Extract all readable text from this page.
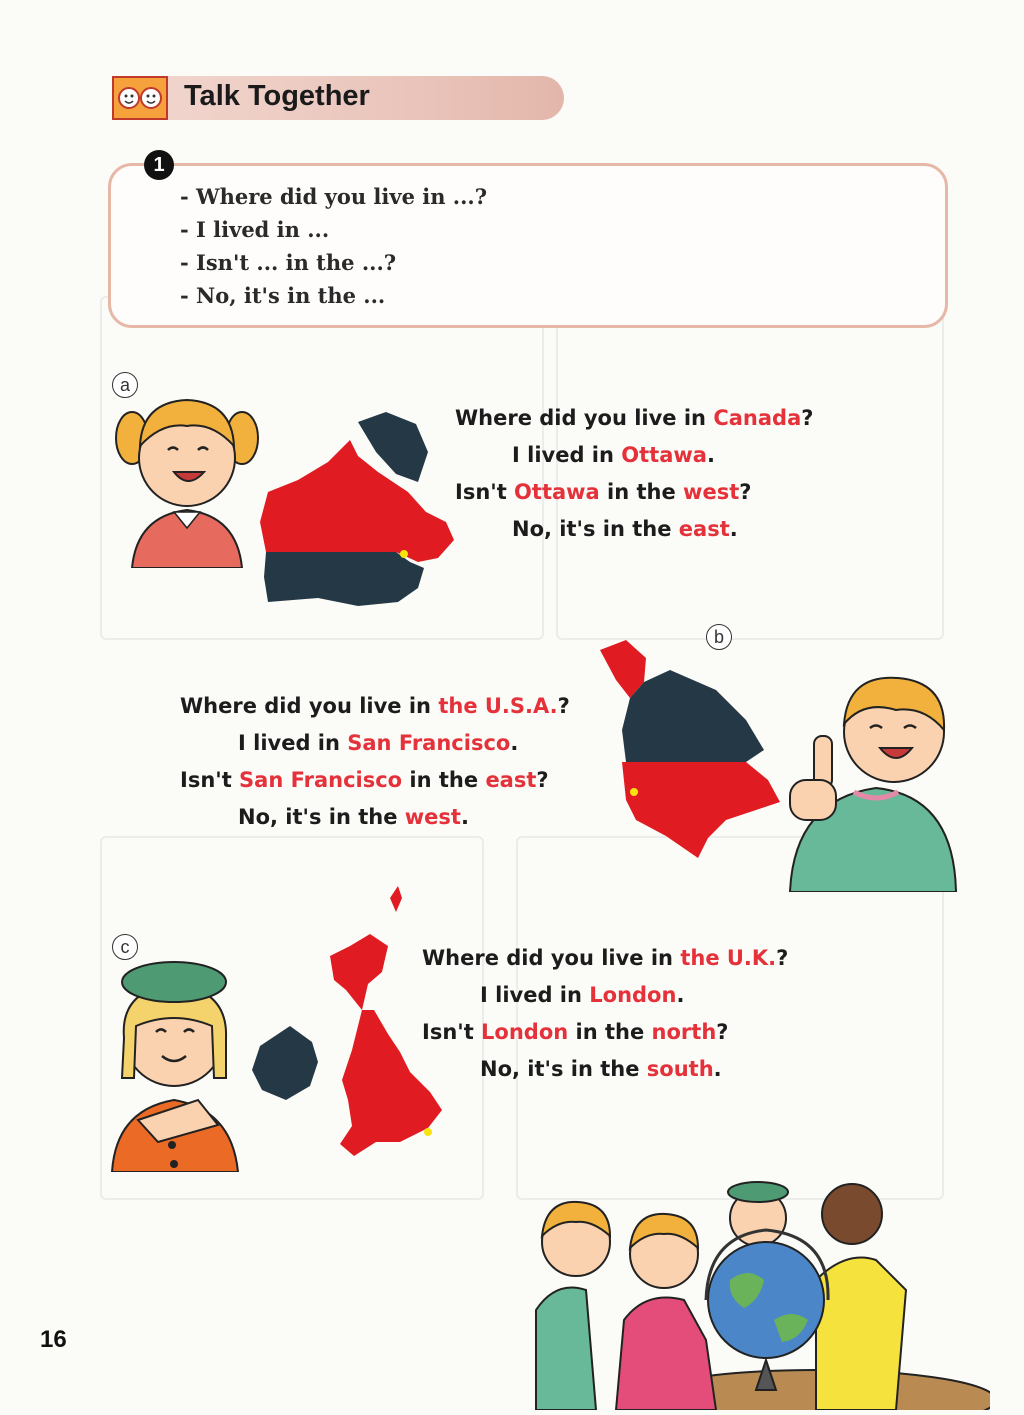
Talk Together
1
- Where did you live in ...?
- I lived in ...
- Isn't ... in the ...?
- No, it's in the ...
a
Where did you live in Canada?
I lived in Ottawa.
Isn't Ottawa in the west?
No, it's in the east.
b
Where did you live in the U.S.A.?
I lived in San Francisco.
Isn't San Francisco in the east?
No, it's in the west.
c	Where did you live in the U.K.?
I lived in London.
Isn't London in the north?
No, it's in the south.
16
